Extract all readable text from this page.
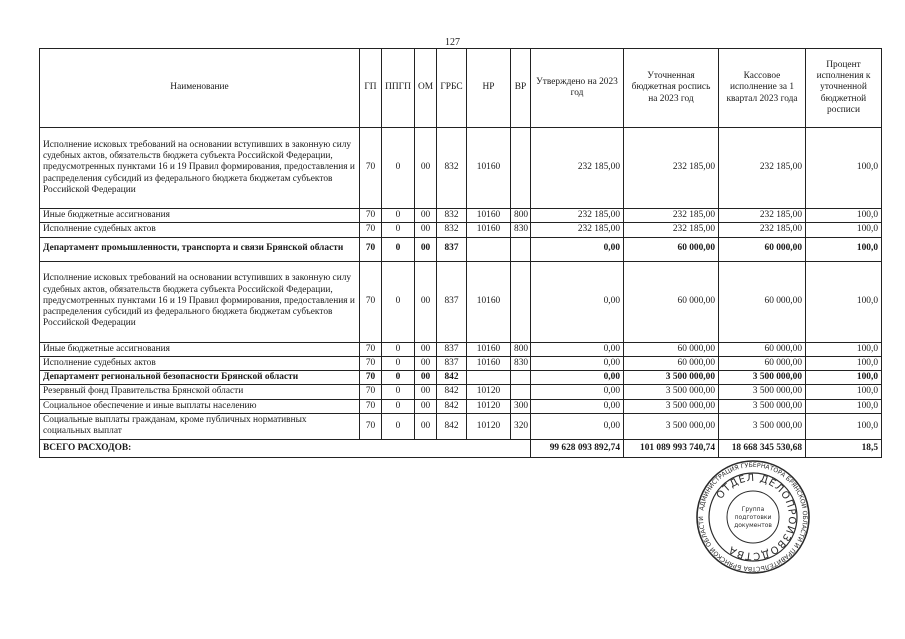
127
Наименование	ГП	ППГП	ОМ	ГРБС	НР	ВР	Утверждено на 2023 год	Уточненная бюджетная роспись на 2023 год	Кассовое исполнение за 1 квартал 2023 года	Процент исполнения к уточненной бюджетной росписи
Исполнение исковых требований на основании вступивших в законную силу судебных актов, обязательств бюджета субъекта Российской Федерации, предусмотренных пунктами 16 и 19 Правил формирования, предоставления и распределения субсидий из федерального бюджета бюджетам субъектов Российской Федерации	70	0	00	832	10160		232 185,00	232 185,00	232 185,00	100,0
Иные бюджетные ассигнования	70	0	00	832	10160	800	232 185,00	232 185,00	232 185,00	100,0
Исполнение судебных актов	70	0	00	832	10160	830	232 185,00	232 185,00	232 185,00	100,0
Департамент промышленности, транспорта и связи Брянской области	70	0	00	837			0,00	60 000,00	60 000,00	100,0
Исполнение исковых требований на основании вступивших в законную силу судебных актов, обязательств бюджета субъекта Российской Федерации, предусмотренных пунктами 16 и 19 Правил формирования, предоставления и распределения субсидий из федерального бюджета бюджетам субъектов Российской Федерации	70	0	00	837	10160		0,00	60 000,00	60 000,00	100,0
Иные бюджетные ассигнования	70	0	00	837	10160	800	0,00	60 000,00	60 000,00	100,0
Исполнение судебных актов	70	0	00	837	10160	830	0,00	60 000,00	60 000,00	100,0
Департамент региональной безопасности Брянской области	70	0	00	842			0,00	3 500 000,00	3 500 000,00	100,0
Резервный фонд Правительства Брянской области	70	0	00	842	10120		0,00	3 500 000,00	3 500 000,00	100,0
Социальное обеспечение и иные выплаты населению	70	0	00	842	10120	300	0,00	3 500 000,00	3 500 000,00	100,0
Социальные выплаты гражданам, кроме публичных нормативных социальных выплат	70	0	00	842	10120	320	0,00	3 500 000,00	3 500 000,00	100,0
ВСЕГО РАСХОДОВ:							99 628 093 892,74	101 089 993 740,74	18 668 345 530,68	18,5
АДМИНИСТРАЦИЯ ГУБЕРНАТОРА БРЯНСКОЙ ОБЛАСТИ И ПРАВИТЕЛЬСТВА БРЯНСКОЙ ОБЛАСТИ
ОТДЕЛ ДЕЛОПРОИЗВОДСТВА
Группа
подготовки
документов
